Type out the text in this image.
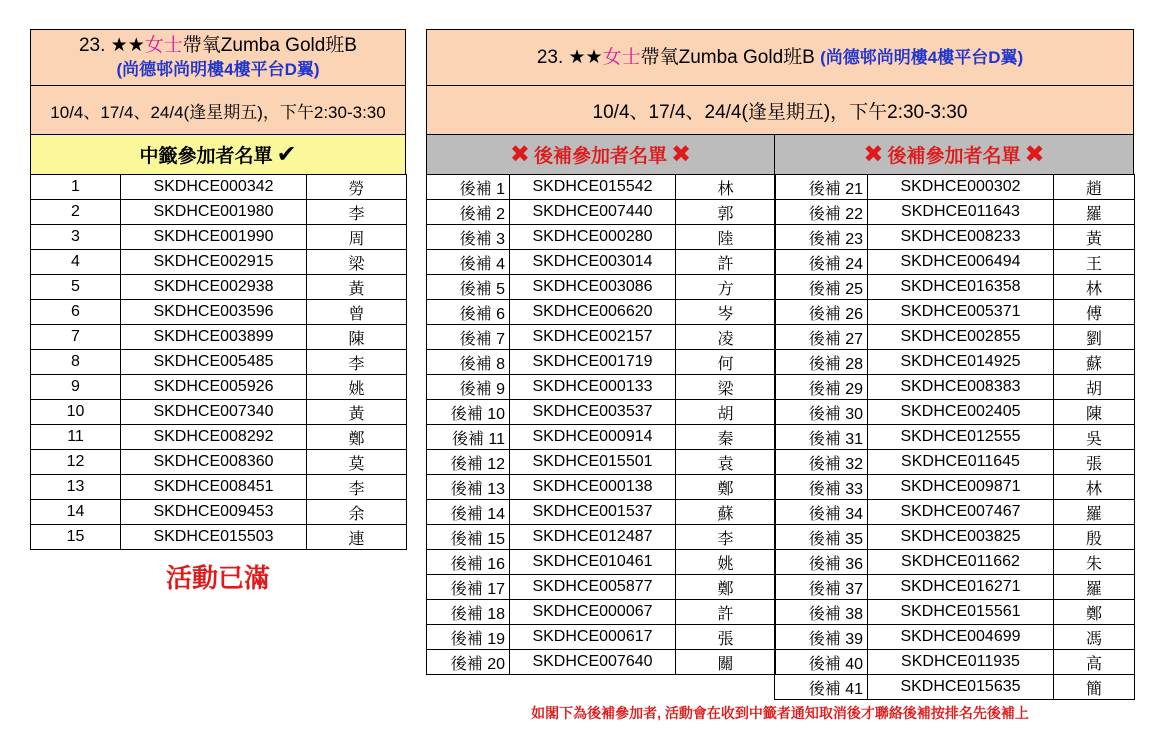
23. ★★女士帶氧Zumba Gold班B
(尚德邨尚明樓4樓平台D翼)
10/4、17/4、24/4(逢星期五)，下午2:30-3:30
中籤參加者名單 ✔
1	SKDHCE000342	勞
2	SKDHCE001980	李
3	SKDHCE001990	周
4	SKDHCE002915	梁
5	SKDHCE002938	黃
6	SKDHCE003596	曾
7	SKDHCE003899	陳
8	SKDHCE005485	李
9	SKDHCE005926	姚
10	SKDHCE007340	黃
11	SKDHCE008292	鄭
12	SKDHCE008360	莫
13	SKDHCE008451	李
14	SKDHCE009453	余
15	SKDHCE015503	連
活動已滿
23. ★★女士帶氧Zumba Gold班B (尚德邨尚明樓4樓平台D翼)
10/4、17/4、24/4(逢星期五)，下午2:30-3:30
✖ 後補參加者名單 ✖	✖ 後補參加者名單 ✖
後補 1	SKDHCE015542	林
後補 2	SKDHCE007440	郭
後補 3	SKDHCE000280	陸
後補 4	SKDHCE003014	許
後補 5	SKDHCE003086	方
後補 6	SKDHCE006620	岑
後補 7	SKDHCE002157	凌
後補 8	SKDHCE001719	何
後補 9	SKDHCE000133	梁
後補 10	SKDHCE003537	胡
後補 11	SKDHCE000914	秦
後補 12	SKDHCE015501	袁
後補 13	SKDHCE000138	鄭
後補 14	SKDHCE001537	蘇
後補 15	SKDHCE012487	李
後補 16	SKDHCE010461	姚
後補 17	SKDHCE005877	鄭
後補 18	SKDHCE000067	許
後補 19	SKDHCE000617	張
後補 20	SKDHCE007640	關
後補 21	SKDHCE000302	趙
後補 22	SKDHCE011643	羅
後補 23	SKDHCE008233	黃
後補 24	SKDHCE006494	王
後補 25	SKDHCE016358	林
後補 26	SKDHCE005371	傅
後補 27	SKDHCE002855	劉
後補 28	SKDHCE014925	蘇
後補 29	SKDHCE008383	胡
後補 30	SKDHCE002405	陳
後補 31	SKDHCE012555	吳
後補 32	SKDHCE011645	張
後補 33	SKDHCE009871	林
後補 34	SKDHCE007467	羅
後補 35	SKDHCE003825	殷
後補 36	SKDHCE011662	朱
後補 37	SKDHCE016271	羅
後補 38	SKDHCE015561	鄭
後補 39	SKDHCE004699	馮
後補 40	SKDHCE011935	高
後補 41	SKDHCE015635	簡
如閣下為後補參加者, 活動會在收到中籤者通知取消後才聯絡後補按排名先後補上
